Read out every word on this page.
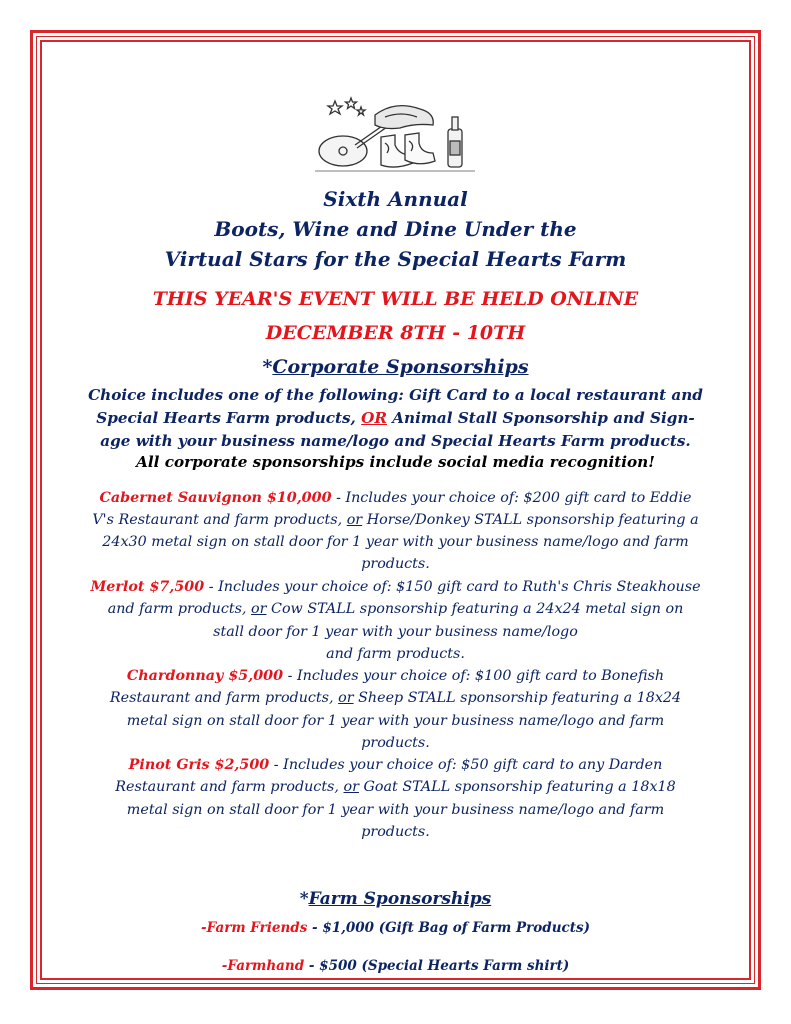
Sixth Annual
Boots, Wine and Dine Under the
Virtual Stars for the Special Hearts Farm
THIS YEAR'S EVENT WILL BE HELD ONLINE
DECEMBER 8TH - 10TH
*Corporate Sponsorships
Choice includes one of the following: Gift Card to a local restaurant and
Special Hearts Farm products, OR Animal Stall Sponsorship and Sign-
age with your business name/logo and Special Hearts Farm products.
All corporate sponsorships include social media recognition!
Cabernet Sauvignon $10,000 - Includes your choice of: $200 gift card to Eddie
V's Restaurant and farm products, or Horse/Donkey STALL sponsorship featuring a
24x30 metal sign on stall door for 1 year with your business name/logo and farm
products.
Merlot $7,500 - Includes your choice of: $150 gift card to Ruth's Chris Steakhouse
and farm products, or Cow STALL sponsorship featuring a 24x24 metal sign on
stall door for 1 year with your business name/logo
and farm products.
Chardonnay $5,000 - Includes your choice of: $100 gift card to Bonefish
Restaurant and farm products, or Sheep STALL sponsorship featuring a 18x24
metal sign on stall door for 1 year with your business name/logo and farm
products.
Pinot Gris $2,500 - Includes your choice of: $50 gift card to any Darden
Restaurant and farm products, or Goat STALL sponsorship featuring a 18x18
metal sign on stall door for 1 year with your business name/logo and farm
products.
*Farm Sponsorships
-Farm Friends - $1,000 (Gift Bag of Farm Products)
-Farmhand - $500 (Special Hearts Farm shirt)
